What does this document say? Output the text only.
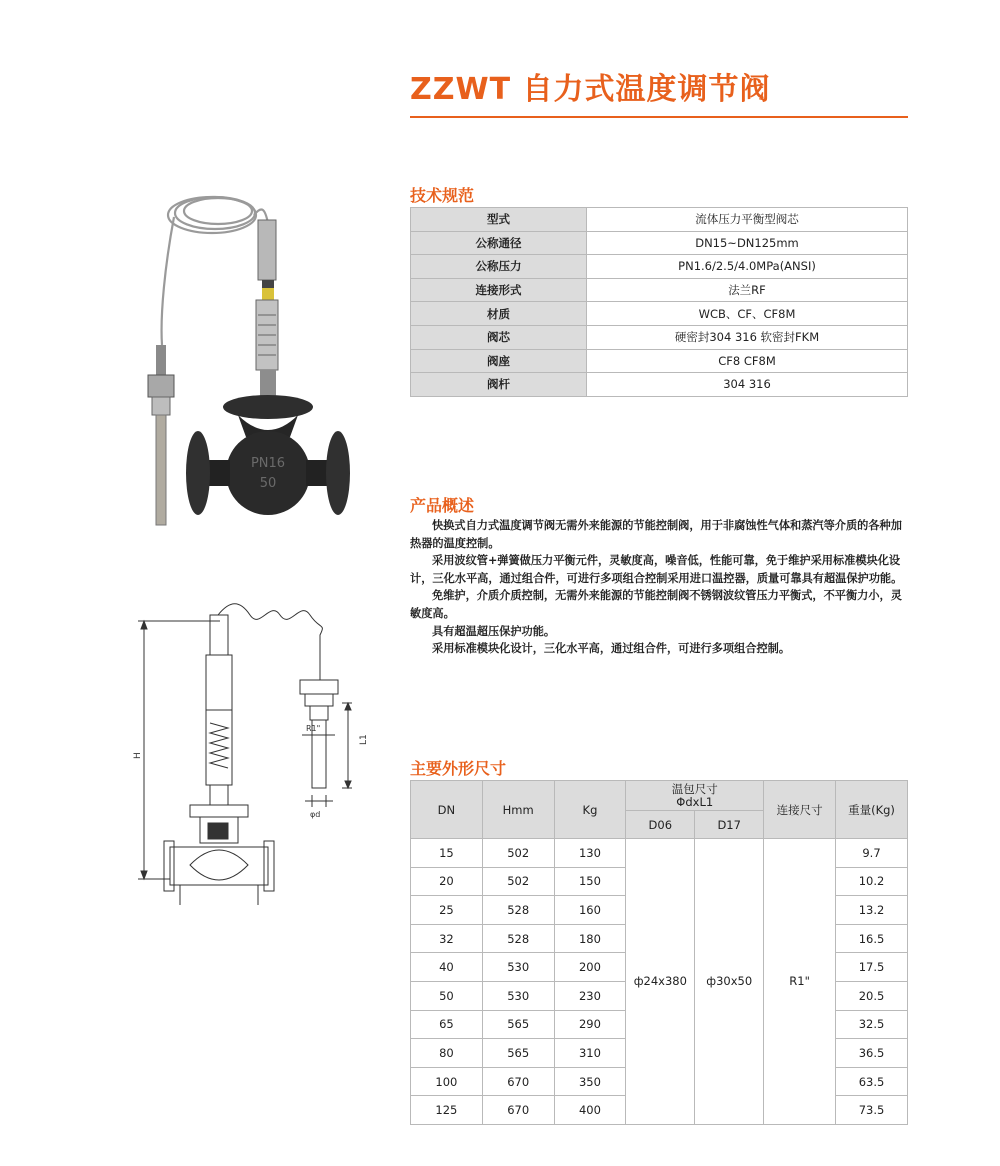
ZZWT 自力式温度调节阀
PN16
50
H
L1
R1"
φd
技术规范
型式	流体压力平衡型阀芯
公称通径	DN15~DN125mm
公称压力	PN1.6/2.5/4.0MPa(ANSI)
连接形式	法兰RF
材质	WCB、CF、CF8M
阀芯	硬密封304 316 软密封FKM
阀座	CF8 CF8M
阀杆	304 316
产品概述

快换式自力式温度调节阀无需外来能源的节能控制阀，用于非腐蚀性气体和蒸汽等介质的各种加热器的温度控制。

采用波纹管+弹簧做压力平衡元件，灵敏度高，噪音低，性能可靠，免于维护采用标准模块化设计，三化水平高，通过组合件，可进行多项组合控制采用进口温控器，质量可靠具有超温保护功能。

免维护，介质介质控制，无需外来能源的节能控制阀不锈钢波纹管压力平衡式，不平衡力小，灵敏度高。

具有超温超压保护功能。

采用标准模块化设计，三化水平高，通过组合件，可进行多项组合控制。

主要外形尺寸
DN	Hmm	Kg	温包尺寸
ΦdxL1		连接尺寸	重量(Kg)
			D06	D17		
15	502	130	ф24x380	ф30x50	R1"	9.7
20	502	150				10.2
25	528	160				13.2
32	528	180				16.5
40	530	200				17.5
50	530	230				20.5
65	565	290				32.5
80	565	310				36.5
100	670	350				63.5
125	670	400				73.5
